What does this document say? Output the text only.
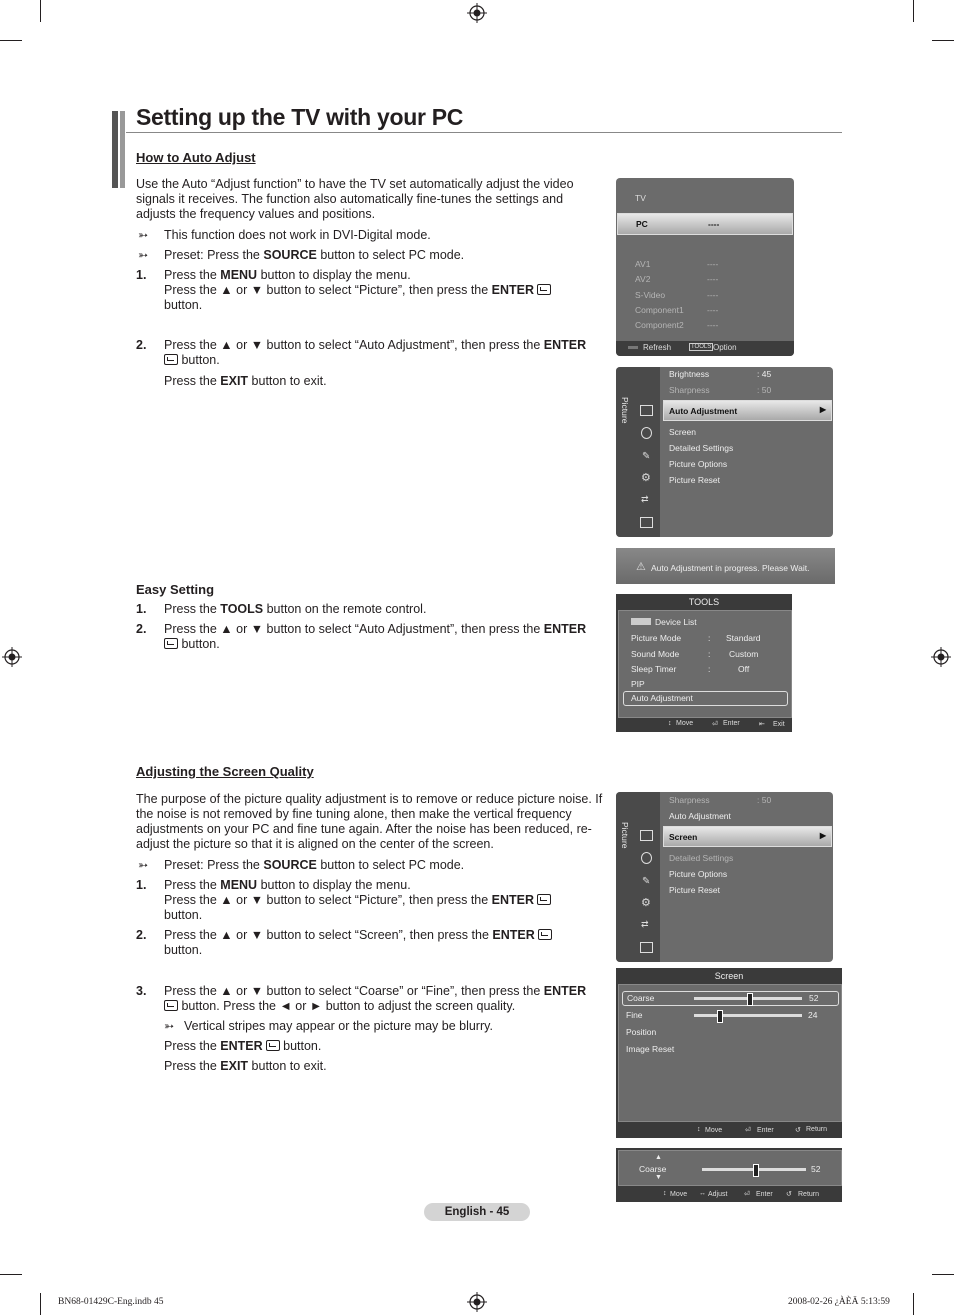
Setting up the TV with your PC
How to Auto Adjust
Use the Auto “Adjust function” to have the TV set automatically adjust the video signals it receives. The function also automatically fine-tunes the settings and adjusts the frequency values and positions.
➳ This function does not work in DVI-Digital mode.
➳ Preset: Press the SOURCE button to select PC mode.
1. Press the MENU button to display the menu.
Press the ▲ or ▼ button to select “Picture”, then press the ENTER
button.
2. Press the ▲ or ▼ button to select “Auto Adjustment”, then press the ENTER
button.
Press the EXIT button to exit.
Easy Setting
1. Press the TOOLS button on the remote control.
2. Press the ▲ or ▼ button to select “Auto Adjustment”, then press the ENTER
button.
Adjusting the Screen Quality
The purpose of the picture quality adjustment is to remove or reduce picture noise. If the noise is not removed by fine tuning alone, then make the vertical frequency adjustments on your PC and fine tune again. After the noise has been reduced, re-adjust the picture so that it is aligned on the center of the screen.
➳ Preset: Press the SOURCE button to select PC mode.
1. Press the MENU button to display the menu.
Press the ▲ or ▼ button to select “Picture”, then press the ENTER
button.
2. Press the ▲ or ▼ button to select “Screen”, then press the ENTER
button.
3. Press the ▲ or ▼ button to select “Coarse” or “Fine”, then press the ENTER
button. Press the ◄ or ► button to adjust the screen quality.
➳ Vertical stripes may appear or the picture may be blurry.
Press the ENTER button.
Press the EXIT button to exit.
TV
PC	----
AV1	----
AV2	----
S-Video	----
Component1	----
Component2	----
Refresh	TOOLS Option
Picture
✎
⚙
⇄
Brightness	: 45
Sharpness	: 50
Auto Adjustment	▶
Screen
Detailed Settings
Picture Options
Picture Reset
⚠ Auto Adjustment in progress. Please Wait.
TOOLS
Device List
Picture Mode	: Standard
Sound Mode	: Custom
Sleep Timer	:	Off
PIP
Auto Adjustment
↕ Move	⏎ Enter	⇤ Exit
Picture
✎
⚙
⇄
Sharpness	: 50
Auto Adjustment
Screen	▶
Detailed Settings
Picture Options
Picture Reset
Screen
Coarse	52
Fine	24
Position
Image Reset
↕ Move	⏎ Enter	↺ Return
▲
Coarse
▼
52
↕ Move ↔ Adjust ⏎ Enter ↺ Return
English - 45
BN68-01429C-Eng.indb 45	2008-02-26 ¿ÀÈÄ 5:13:59
